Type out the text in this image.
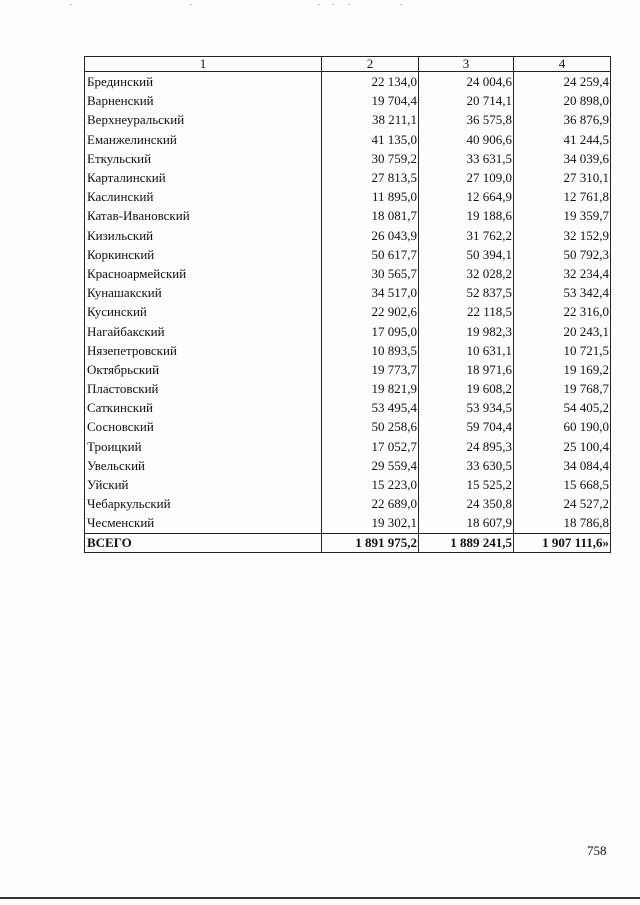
1	2	3	4
Брединский	22 134,0	24 004,6	24 259,4
Варненский	19 704,4	20 714,1	20 898,0
Верхнеуральский	38 211,1	36 575,8	36 876,9
Еманжелинский	41 135,0	40 906,6	41 244,5
Еткульский	30 759,2	33 631,5	34 039,6
Карталинский	27 813,5	27 109,0	27 310,1
Каслинский	11 895,0	12 664,9	12 761,8
Катав-Ивановский	18 081,7	19 188,6	19 359,7
Кизильский	26 043,9	31 762,2	32 152,9
Коркинский	50 617,7	50 394,1	50 792,3
Красноармейский	30 565,7	32 028,2	32 234,4
Кунашакский	34 517,0	52 837,5	53 342,4
Кусинский	22 902,6	22 118,5	22 316,0
Нагайбакский	17 095,0	19 982,3	20 243,1
Нязепетровский	10 893,5	10 631,1	10 721,5
Октябрьский	19 773,7	18 971,6	19 169,2
Пластовский	19 821,9	19 608,2	19 768,7
Саткинский	53 495,4	53 934,5	54 405,2
Сосновский	50 258,6	59 704,4	60 190,0
Троицкий	17 052,7	24 895,3	25 100,4
Увельский	29 559,4	33 630,5	34 084,4
Уйский	15 223,0	15 525,2	15 668,5
Чебаркульский	22 689,0	24 350,8	24 527,2
Чесменский	19 302,1	18 607,9	18 786,8
ВСЕГО	1 891 975,2	1 889 241,5	1 907 111,6»
758
